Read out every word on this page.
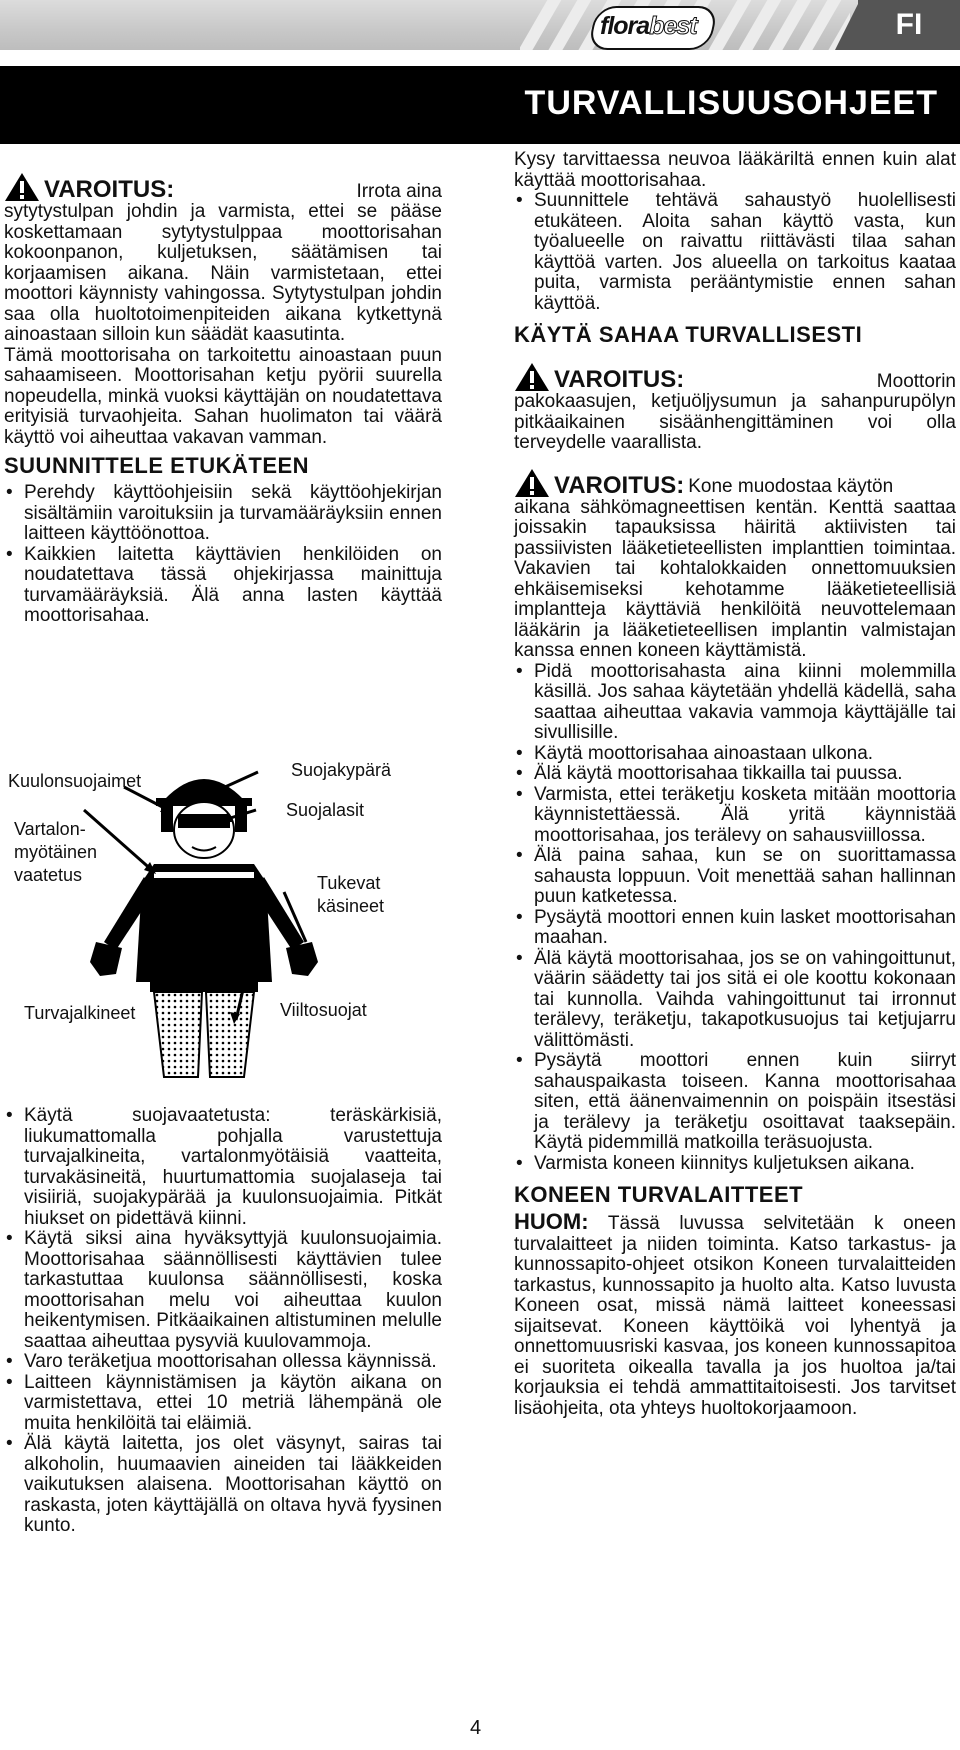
florabest	FI
TURVALLISUUSOHJEET
VAROITUS:	Irrota aina

sytytystulpan johdin ja varmista, ettei se pääse koskettamaan sytytystulppaa moottorisahan kokoonpanon, kuljetuksen, säätämisen tai korjaamisen aikana. Näin varmistetaan, ettei moottori käynnisty vahingossa. Sytytystulpan johdin saa olla huoltotoimenpiteiden aikana kytkettynä ainoastaan silloin kun säädät kaasutinta.

Tämä moottorisaha on tarkoitettu ainoastaan puun sahaamiseen. Moottorisahan ketju pyörii suurella nopeudella, minkä vuoksi käyttäjän on noudatettava erityisiä turvaohjeita. Sahan huolimaton tai väärä käyttö voi aiheuttaa vakavan vamman.

SUUNNITTELE ETUKÄTEEN
• Perehdy käyttöohjeisiin sekä käyttöohjekirjan sisältämiin varoituksiin ja turvamääräyksiin ennen laitteen käyttöönottoa.
• Kaikkien laitetta käyttävien henkilöiden on noudatettava tässä ohjekirjassa mainittuja turvamääräyksiä. Älä anna lasten käyttää moottorisahaa.
Kuulonsuojaimet
Suojakypärä
Suojalasit
Vartalon-
myötäinen
vaatetus	Tukevat
käsineet
Turvajalkineet	Viiltosuojat
• Käytä suojavaatetusta: teräskärkisiä, liukumattomalla pohjalla varustettuja turvajalkineita, vartalonmyötäisiä vaatteita, turvakäsineitä, huurtumattomia suojalaseja tai visiiriä, suojakypärää ja kuulonsuojaimia. Pitkät hiukset on pidettävä kiinni.
• Käytä siksi aina hyväksyttyjä kuulonsuojaimia. Moottorisahaa säännöllisesti käyttävien tulee tarkastuttaa kuulonsa säännöllisesti, koska moottorisahan melu voi aiheuttaa kuulon heikentymisen. Pitkäaikainen altistuminen melulle saattaa aiheuttaa pysyviä kuulovammoja.
• Varo teräketjua moottorisahan ollessa käynnissä.
• Laitteen käynnistämisen ja käytön aikana on varmistettava, ettei 10 metriä lähempänä ole muita henkilöitä tai eläimiä.
• Älä käytä laitetta, jos olet väsynyt, sairas tai alkoholin, huumaavien aineiden tai lääkkeiden vaikutuksen alaisena. Moottorisahan käyttö on raskasta, joten käyttäjällä on oltava hyvä fyysinen kunto.

Kysy tarvittaessa neuvoa lääkäriltä ennen kuin alat käyttää moottorisahaa.

• Suunnittele tehtävä sahaustyö huolellisesti etukäteen. Aloita sahan käyttö vasta, kun työalueelle on raivattu riittävästi tilaa sahan käyttöä varten. Jos alueella on tarkoitus kaataa puita, varmista perääntymistie ennen sahan käyttöä.
KÄYTÄ SAHAA TURVALLISESTI
VAROITUS:	Moottorin

pakokaasujen, ketjuöljysumun ja sahanpurupölyn pitkäaikainen sisäänhengittäminen voi olla terveydelle vaarallista.

VAROITUS: Kone muodostaa käytön

aikana sähkömagneettisen kentän. Kenttä saattaa joissakin tapauksissa häiritä aktiivisten tai passiivisten lääketieteellisten implanttien toimintaa. Vakavien tai kohtalokkaiden onnettomuuksien ehkäisemiseksi kehotamme lääketieteellisiä implantteja käyttäviä henkilöitä neuvottelemaan lääkärin ja lääketieteellisen implantin valmistajan kanssa ennen koneen käyttämistä.

• Pidä moottorisahasta aina kiinni molemmilla käsillä. Jos sahaa käytetään yhdellä kädellä, saha saattaa aiheuttaa vakavia vammoja käyttäjälle tai sivullisille.
• Käytä moottorisahaa ainoastaan ulkona.
• Älä käytä moottorisahaa tikkailla tai puussa.
• Varmista, ettei teräketju kosketa mitään moottoria käynnistettäessä. Älä yritä käynnistää moottorisahaa, jos terälevy on sahausviillossa.
• Älä paina sahaa, kun se on suorittamassa sahausta loppuun. Voit menettää sahan hallinnan puun katketessa.
• Pysäytä moottori ennen kuin lasket moottorisahan maahan.
• Älä käytä moottorisahaa, jos se on vahingoittunut, väärin säädetty tai jos sitä ei ole koottu kokonaan tai kunnolla. Vaihda vahingoittunut tai irronnut terälevy, teräketju, takapotkusuojus tai ketjujarru välittömästi.
• Pysäytä moottori ennen kuin siirryt sahauspaikasta toiseen. Kanna moottorisahaa siten, että äänenvaimennin on poispäin itsestäsi ja terälevy ja teräketju osoittavat taaksepäin. Käytä pidemmillä matkoilla teräsuojusta.
• Varmista koneen kiinnitys kuljetuksen aikana.
KONEEN TURVALAITTEET

HUOM: Tässä luvussa selvitetään k oneen turvalaitteet ja niiden toiminta. Katso tarkastus- ja kunnossapito-ohjeet otsikon Koneen turvalaitteiden tarkastus, kunnossapito ja huolto alta. Katso luvusta Koneen osat, missä nämä laitteet koneessasi sijaitsevat. Koneen käyttöikä voi lyhentyä ja onnettomuusriski kasvaa, jos koneen kunnossapitoa ei suoriteta oikealla tavalla ja jos huoltoa ja/tai korjauksia ei tehdä ammattitaitoisesti. Jos tarvitset lisäohjeita, ota yhteys huoltokorjaamoon.

4
